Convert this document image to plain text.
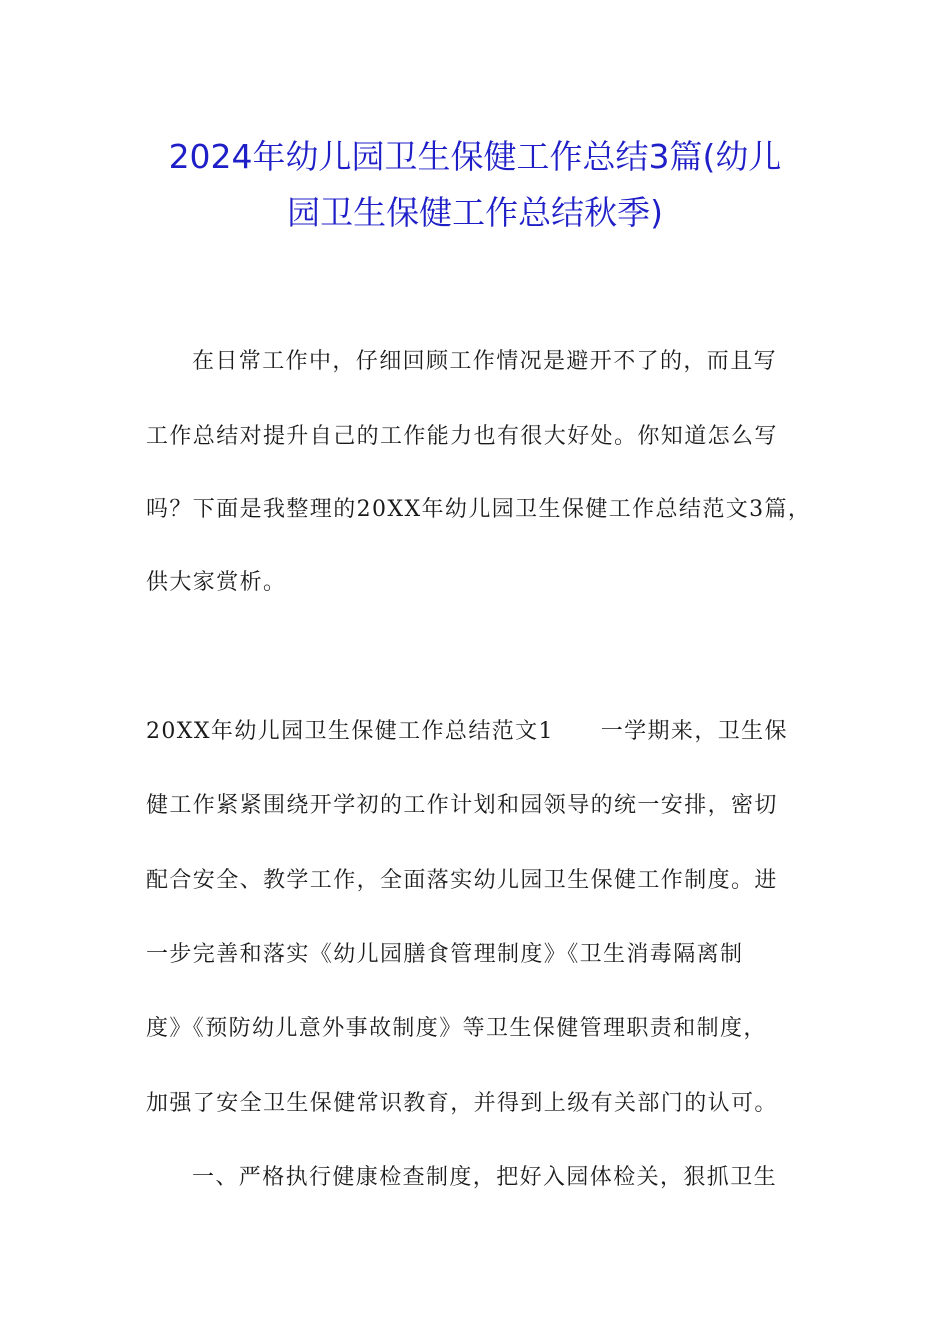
2024年幼儿园卫生保健工作总结3篇(幼儿
园卫生保健工作总结秋季)
在日常工作中，仔细回顾工作情况是避开不了的，而且写
工作总结对提升自己的工作能力也有很大好处。你知道怎么写
吗？下面是我整理的20XX年幼儿园卫生保健工作总结范文3篇，
供大家赏析。
20XX年幼儿园卫生保健工作总结范文1　　一学期来，卫生保
健工作紧紧围绕开学初的工作计划和园领导的统一安排，密切
配合安全、教学工作，全面落实幼儿园卫生保健工作制度。进
一步完善和落实《幼儿园膳食管理制度》《卫生消毒隔离制
度》《预防幼儿意外事故制度》等卫生保健管理职责和制度，
加强了安全卫生保健常识教育，并得到上级有关部门的认可。
一、严格执行健康检查制度，把好入园体检关，狠抓卫生
